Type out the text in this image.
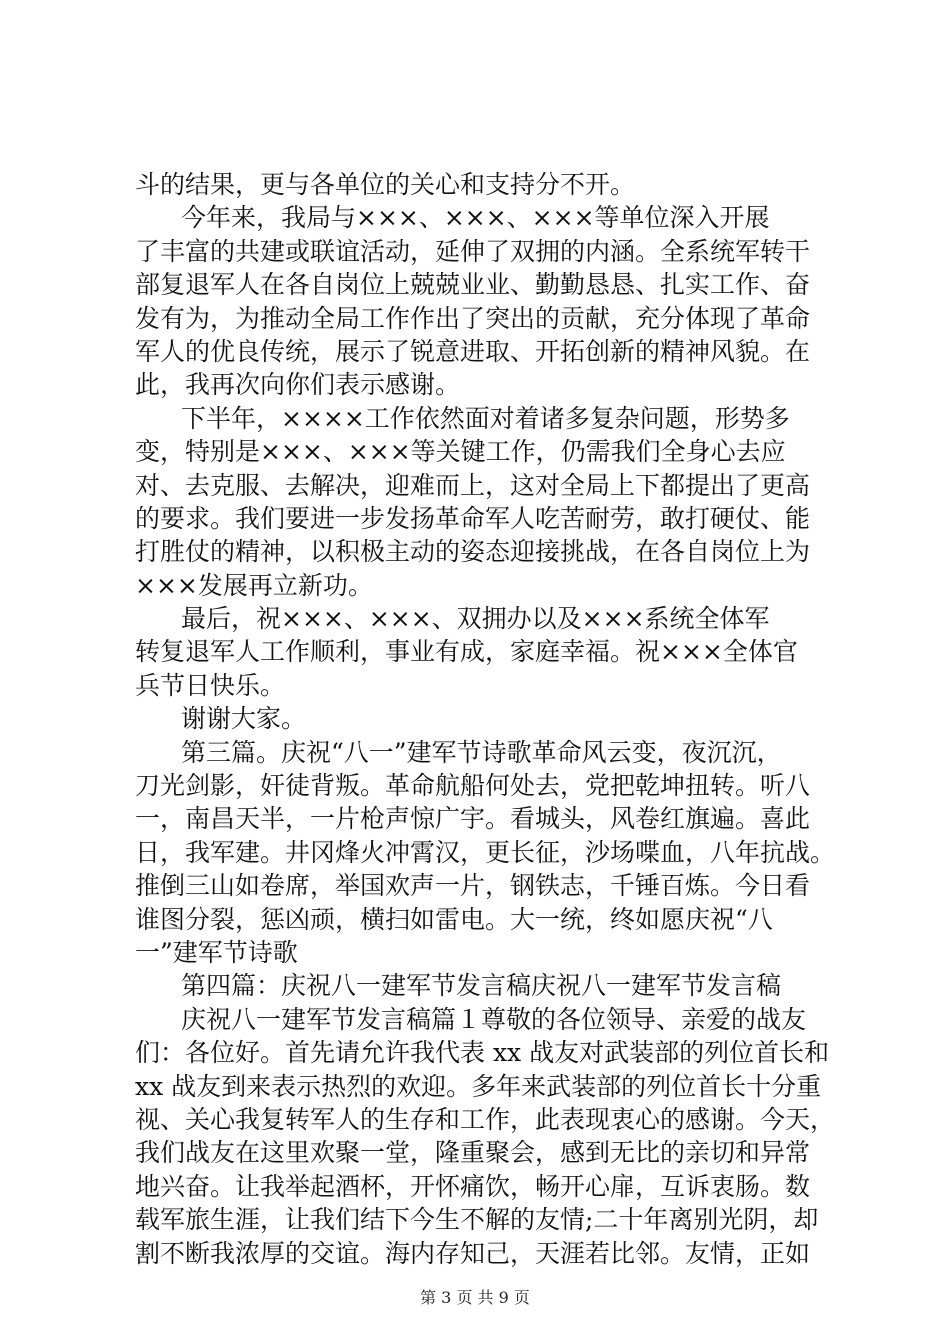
斗的结果，更与各单位的关心和支持分不开。
今年来，我局与×××、×××、×××等单位深入开展
了丰富的共建或联谊活动，延伸了双拥的内涵。全系统军转干
部复退军人在各自岗位上兢兢业业、勤勤恳恳、扎实工作、奋
发有为，为推动全局工作作出了突出的贡献，充分体现了革命
军人的优良传统，展示了锐意进取、开拓创新的精神风貌。在
此，我再次向你们表示感谢。
下半年，××××工作依然面对着诸多复杂问题，形势多
变，特别是×××、×××等关键工作，仍需我们全身心去应
对、去克服、去解决，迎难而上，这对全局上下都提出了更高
的要求。我们要进一步发扬革命军人吃苦耐劳，敢打硬仗、能
打胜仗的精神，以积极主动的姿态迎接挑战，在各自岗位上为
×××发展再立新功。
最后，祝×××、×××、双拥办以及×××系统全体军
转复退军人工作顺利，事业有成，家庭幸福。祝×××全体官
兵节日快乐。
谢谢大家。
第三篇。庆祝“八一”建军节诗歌革命风云变，夜沉沉，
刀光剑影，奸徒背叛。革命航船何处去，党把乾坤扭转。听八
一，南昌天半，一片枪声惊广宇。看城头，风卷红旗遍。喜此
日，我军建。井冈烽火冲霄汉，更长征，沙场喋血，八年抗战。
推倒三山如卷席，举国欢声一片，钢铁志，千锤百炼。今日看
谁图分裂，惩凶顽，横扫如雷电。大一统，终如愿庆祝“八
一”建军节诗歌
第四篇：庆祝八一建军节发言稿庆祝八一建军节发言稿
庆祝八一建军节发言稿篇１尊敬的各位领导、亲爱的战友
们：各位好。首先请允许我代表 xx 战友对武装部的列位首长和
xx 战友到来表示热烈的欢迎。多年来武装部的列位首长十分重
视、关心我复转军人的生存和工作，此表现衷心的感谢。今天，
我们战友在这里欢聚一堂，隆重聚会，感到无比的亲切和异常
地兴奋。让我举起酒杯，开怀痛饮，畅开心扉，互诉衷肠。数
载军旅生涯，让我们结下今生不解的友情;二十年离别光阴，却
割不断我浓厚的交谊。海内存知己，天涯若比邻。友情，正如
第 3 页 共 9 页
